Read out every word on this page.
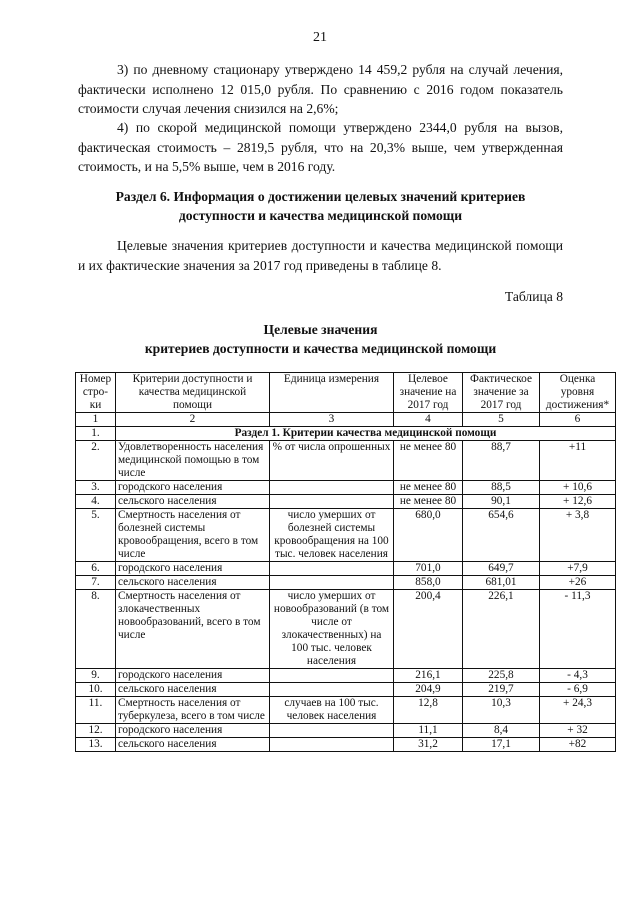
21
3) по дневному стационару утверждено 14 459,2 рубля на случай лечения, фактически исполнено 12 015,0 рубля. По сравнению с 2016 годом показатель стоимости случая лечения снизился на 2,6%;
4) по скорой медицинской помощи утверждено 2344,0 рубля на вызов, фактическая стоимость – 2819,5 рубля, что на 20,3% выше, чем утвержденная стоимость, и на 5,5% выше, чем в 2016 году.
Раздел 6. Информация о достижении целевых значений критериев
доступности и качества медицинской помощи
Целевые значения критериев доступности и качества медицинской помощи и их фактические значения за 2017 год приведены в таблице 8.
Таблица 8
Целевые значения
критериев доступности и качества медицинской помощи
Номер стро-ки	Критерии доступности и качества медицинской помощи	Единица измерения	Целевое значение на 2017 год	Фактическое значение за 2017 год	Оценка уровня достижения*
1	2	3	4	5	6
1.	Раздел 1. Критерии качества медицинской помощи				
2.	Удовлетворенность населения медицинской помощью в том числе	% от числа опрошенных	не менее 80	88,7	+11
3.	городского населения		не менее 80	88,5	+ 10,6
4.	сельского населения		не менее 80	90,1	+ 12,6
5.	Смертность населения от болезней системы кровообращения, всего в том числе	число умерших от болезней системы кровообращения на 100 тыс. человек населения	680,0	654,6	+ 3,8
6.	городского населения		701,0	649,7	+7,9
7.	сельского населения		858,0	681,01	+26
8.	Смертность населения от злокачественных новообразований, всего в том числе	число умерших от новообразований (в том числе от злокачественных) на 100 тыс. человек населения	200,4	226,1	- 11,3
9.	городского населения		216,1	225,8	- 4,3
10.	сельского населения		204,9	219,7	- 6,9
11.	Смертность населения от туберкулеза, всего в том числе	случаев на 100 тыс. человек населения	12,8	10,3	+ 24,3
12.	городского населения		11,1	8,4	+ 32
13.	сельского населения		31,2	17,1	+82
